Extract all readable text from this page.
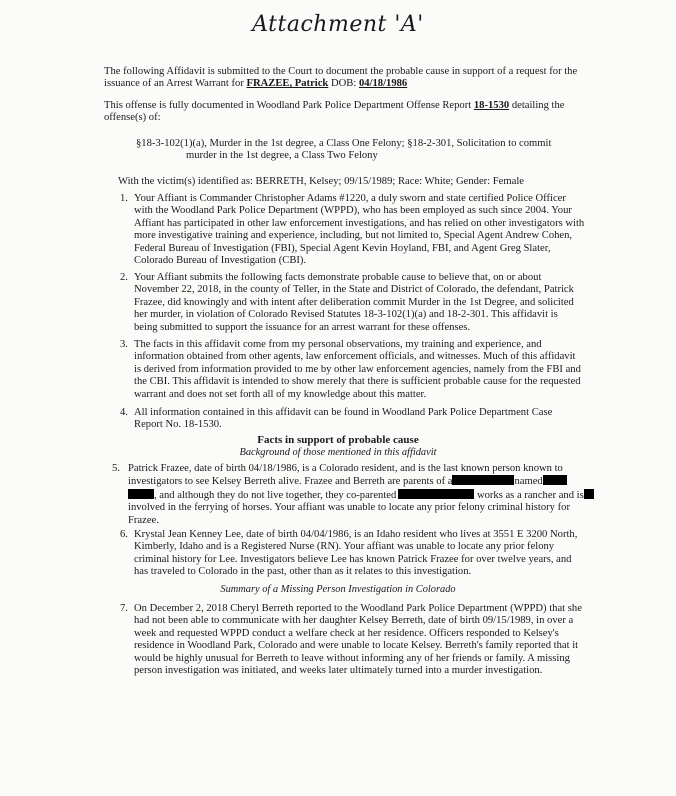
Attachment 'A'
The following Affidavit is submitted to the Court to document the probable cause in support of a request for the
issuance of an Arrest Warrant for FRAZEE, Patrick DOB: 04/18/1986
This offense is fully documented in Woodland Park Police Department Offense Report 18-1530 detailing the
offense(s) of:
§18-3-102(1)(a), Murder in the 1st degree, a Class One Felony; §18-2-301, Solicitation to commit
murder in the 1st degree, a Class Two Felony
With the victim(s) identified as: BERRETH, Kelsey; 09/15/1989; Race: White; Gender: Female
1. Your Affiant is Commander Christopher Adams #1220, a duly sworn and state certified Police Officer
with the Woodland Park Police Department (WPPD), who has been employed as such since 2004. Your
Affiant has participated in other law enforcement investigations, and has relied on other investigators with
more investigative training and experience, including, but not limited to, Special Agent Andrew Cohen,
Federal Bureau of Investigation (FBI), Special Agent Kevin Hoyland, FBI, and Agent Greg Slater,
Colorado Bureau of Investigation (CBI).
2. Your Affiant submits the following facts demonstrate probable cause to believe that, on or about
November 22, 2018, in the county of Teller, in the State and District of Colorado, the defendant, Patrick
Frazee, did knowingly and with intent after deliberation commit Murder in the 1st Degree, and solicited
her murder, in violation of Colorado Revised Statutes 18-3-102(1)(a) and 18-2-301. This affidavit is
being submitted to support the issuance for an arrest warrant for these offenses.
3. The facts in this affidavit come from my personal observations, my training and experience, and
information obtained from other agents, law enforcement officials, and witnesses. Much of this affidavit
is derived from information provided to me by other law enforcement agencies, namely from the FBI and
the CBI. This affidavit is intended to show merely that there is sufficient probable cause for the requested
warrant and does not set forth all of my knowledge about this matter.
4. All information contained in this affidavit can be found in Woodland Park Police Department Case
Report No. 18-1530.
Facts in support of probable cause
Background of those mentioned in this affidavit
5. Patrick Frazee, date of birth 04/18/1986, is a Colorado resident, and is the last known person known to
investigators to see Kelsey Berreth alive. Frazee and Berreth are parents of a	named
, and although they do not live together, they co-parented	works as a rancher and is
involved in the ferrying of horses. Your affiant was unable to locate any prior felony criminal history for
Frazee.
6. Krystal Jean Kenney Lee, date of birth 04/04/1986, is an Idaho resident who lives at 3551 E 3200 North,
Kimberly, Idaho and is a Registered Nurse (RN). Your affiant was unable to locate any prior felony
criminal history for Lee. Investigators believe Lee has known Patrick Frazee for over twelve years, and
has traveled to Colorado in the past, other than as it relates to this investigation.
Summary of a Missing Person Investigation in Colorado
7. On December 2, 2018 Cheryl Berreth reported to the Woodland Park Police Department (WPPD) that she
had not been able to communicate with her daughter Kelsey Berreth, date of birth 09/15/1989, in over a
week and requested WPPD conduct a welfare check at her residence. Officers responded to Kelsey's
residence in Woodland Park, Colorado and were unable to locate Kelsey. Berreth's family reported that it
would be highly unusual for Berreth to leave without informing any of her friends or family. A missing
person investigation was initiated, and weeks later ultimately turned into a murder investigation.
